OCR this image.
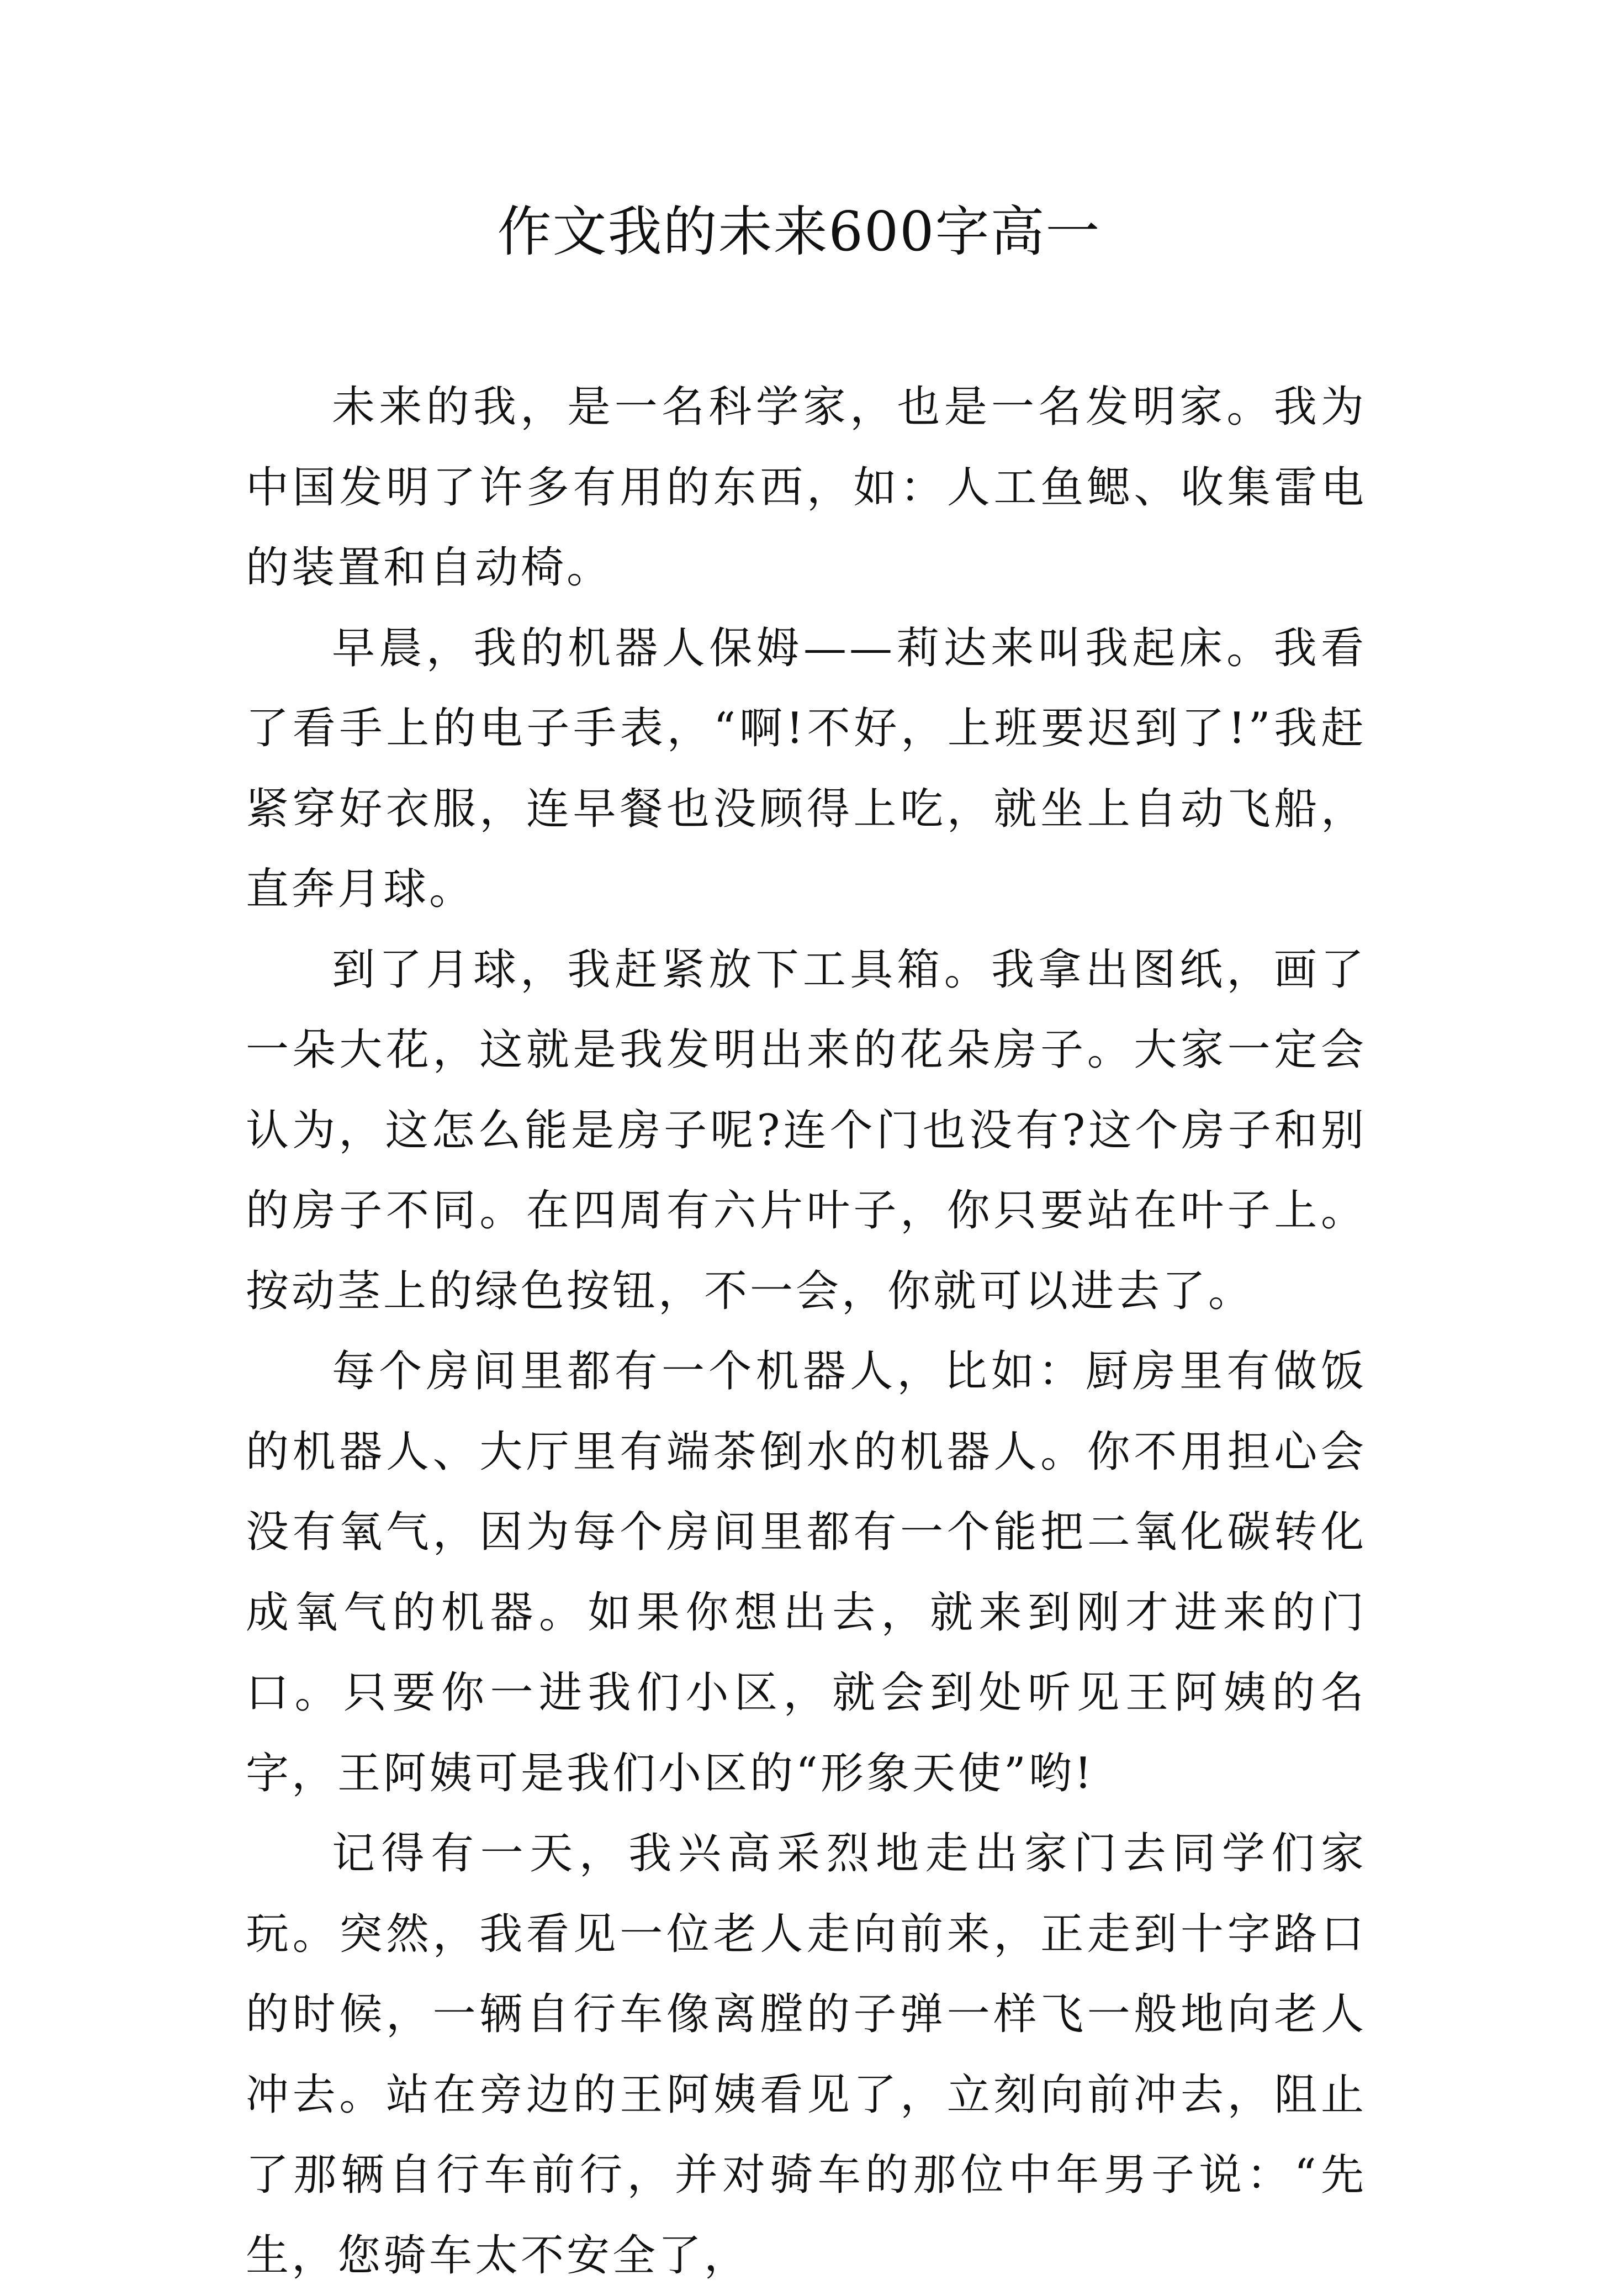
作文我的未来600字高一

未来的我，是一名科学家，也是一名发明家。我为中国发明了许多有用的东西，如：人工鱼鳃、收集雷电的装置和自动椅。

早晨，我的机器人保姆——莉达来叫我起床。我看了看手上的电子手表，“啊!不好，上班要迟到了!”我赶紧穿好衣服，连早餐也没顾得上吃，就坐上自动飞船，直奔月球。

到了月球，我赶紧放下工具箱。我拿出图纸，画了一朵大花，这就是我发明出来的花朵房子。大家一定会认为，这怎么能是房子呢?连个门也没有?这个房子和别的房子不同。在四周有六片叶子，你只要站在叶子上。按动茎上的绿色按钮，不一会，你就可以进去了。

每个房间里都有一个机器人，比如：厨房里有做饭的机器人、大厅里有端茶倒水的机器人。你不用担心会没有氧气，因为每个房间里都有一个能把二氧化碳转化成氧气的机器。如果你想出去，就来到刚才进来的门口。只要你一进我们小区，就会到处听见王阿姨的名字，王阿姨可是我们小区的“形象天使”哟!

记得有一天，我兴高采烈地走出家门去同学们家玩。突然，我看见一位老人走向前来，正走到十字路口的时候，一辆自行车像离膛的子弹一样飞一般地向老人冲去。站在旁边的王阿姨看见了，立刻向前冲去，阻止了那辆自行车前行，并对骑车的那位中年男子说：“先生，您骑车太不安全了，
